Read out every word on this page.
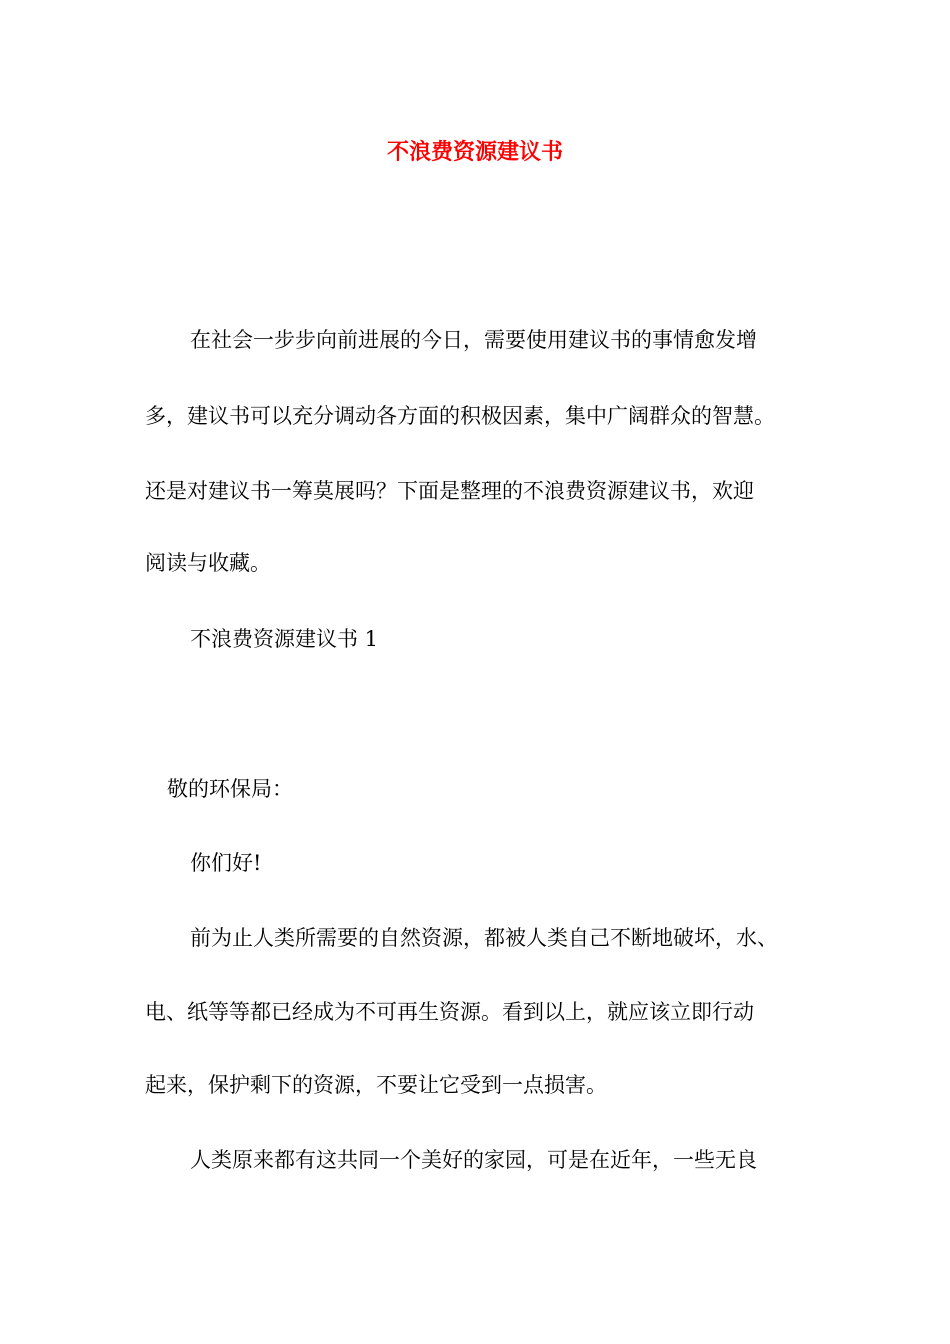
不浪费资源建议书

在社会一步步向前进展的今日，需要使用建议书的事情愈发增

多，建议书可以充分调动各方面的积极因素，集中广阔群众的智慧。

还是对建议书一筹莫展吗？下面是整理的不浪费资源建议书，欢迎

阅读与收藏。

不浪费资源建议书 1

敬的环保局：

你们好!

前为止人类所需要的自然资源，都被人类自己不断地破坏，水、

电、纸等等都已经成为不可再生资源。看到以上，就应该立即行动

起来，保护剩下的资源，不要让它受到一点损害。

人类原来都有这共同一个美好的家园，可是在近年，一些无良
